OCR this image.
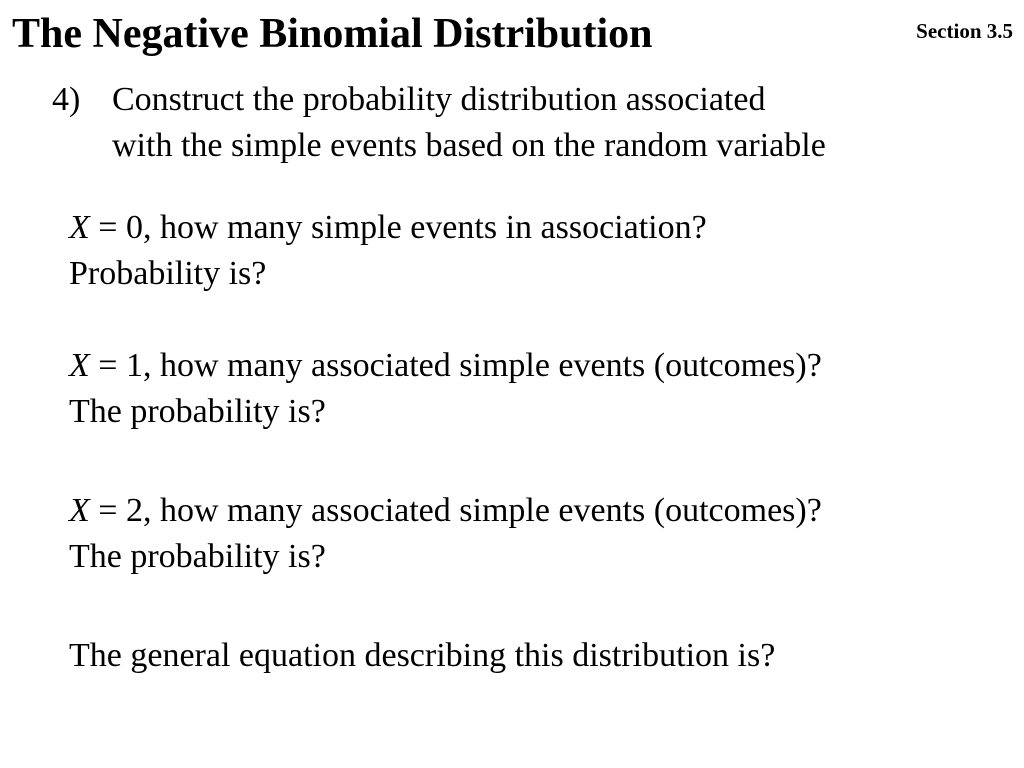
The Negative Binomial Distribution	Section 3.5
4) Construct the probability distribution associated
with the simple events based on the random variable
X = 0, how many simple events in association?
Probability is?
X = 1, how many associated simple events (outcomes)?
The probability is?
X = 2, how many associated simple events (outcomes)?
The probability is?
The general equation describing this distribution is?
